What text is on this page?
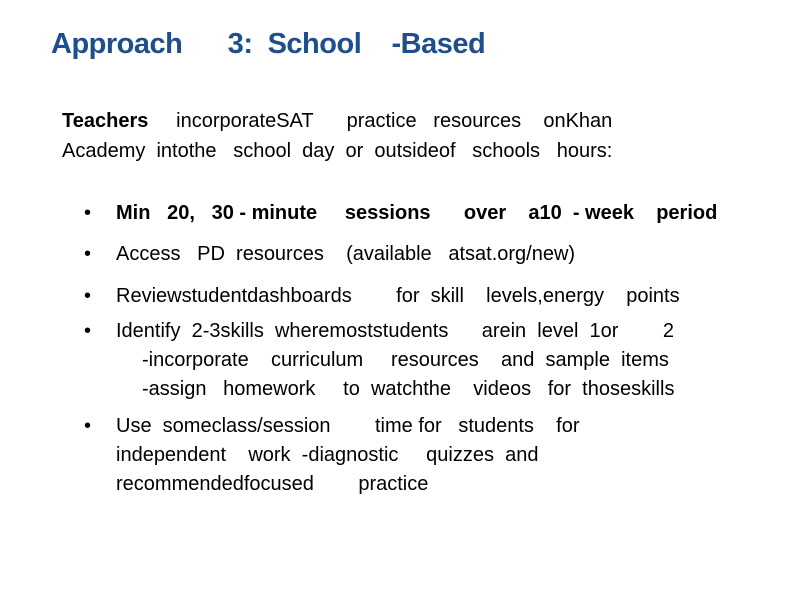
Approach      3:  School    -Based
Teachers     incorporateSAT      practice   resources    onKhan
Academy  intothe   school  day  or  outsideof   schools   hours:
•	Min   20,   30 - minute     sessions      over    a10  - week    period
•	Access   PD  resources    (available   atsat.org/new)
•	Reviewstudentdashboards        for  skill    levels,energy    points
•	Identify  2-3skills  wheremoststudents      arein  level  1or        2
-incorporate    curriculum     resources    and  sample  items
-assign   homework     to  watchthe    videos   for  thoseskills
•	Use  someclass/session        time for   students    for
independent    work  -diagnostic     quizzes  and
recommendedfocused        practice
